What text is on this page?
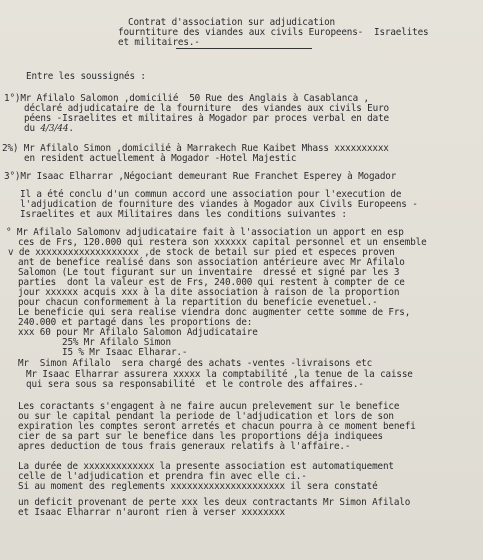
Contrat d'association sur adjudication
fourntiture des viandes aux civils Europeens-  Israelites
et militaires.-
Entre les soussignés :
1°)Mr Afilalo Salomon ,domicilié  50 Rue des Anglais à Casablanca ,
déclaré adjudicataire de la fourniture  des viandes aux civils Euro
péens -Israelites et militaires à Mogador par proces verbal en date
du 4/3/44.
2%) Mr Afilalo Simon ,domicilié à Marrakech Rue Kaibet Mhass xxxxxxxxxx
en resident actuellement à Mogador -Hotel Majestic
3°)Mr Isaac Elharrar ,Négociant demeurant Rue Franchet Esperey à Mogador
Il a été conclu d'un commun accord une association pour l'execution de
l'adjudication de fourniture des viandes à Mogador aux Civils Europeens -
Israelites et aux Militaires dans les conditions suivantes :
° Mr Afilalo Salomonv adjudicataire fait à l'association un apport en esp
ces de Frs, 120.000 qui restera son xxxxxx capital personnel et un ensemble
v de xxxxxxxxxxxxxxxxxxx ,de stock de betail sur pied et especes proven
ant de benefice realisé dans son association antérieure avec Mr Afilalo
Salomon (Le tout figurant sur un inventaire  dressé et signé par les 3
parties  dont la valeur est de Frs, 240.000 qui restent à compter de ce
jour xxxxxx acquis xxx à la dite association à raison de la proportion
pour chacun conformement à la repartition du beneficie evenetuel.-
Le beneficie qui sera realise viendra donc augmenter cette somme de Frs,
240.000 et partagé dans les proportions de:
xxx 60 pour Mr Afilalo Salomon Adjudicataire
25% Mr Afilalo Simon
I5 % Mr Isaac Elharar.-
Mr  Simon Afilalo  sera chargé des achats -ventes -livraisons etc
Mr Isaac Elharrar assurera xxxxx la comptabilité ,la tenue de la caisse
qui sera sous sa responsabilité  et le controle des affaires.-
Les coractants s'engagent à ne faire aucun prelevement sur le benefice
ou sur le capital pendant la periode de l'adjudication et lors de son
expiration les comptes seront arretés et chacun pourra à ce moment benefi
cier de sa part sur le benefice dans les proportions déja indiquees
apres deduction de tous frais generaux relatifs à l'affaire.-
La durée de xxxxxxxxxxxxx la presente association est automatiquement
celle de l'adjudication et prendra fin avec elle ci.-
Si au moment des reglements xxxxxxxxxxxxxxxxxxxxx il sera constaté
un deficit provenant de perte xxx les deux contractants Mr Simon Afilalo
et Isaac Elharrar n'auront rien à verser xxxxxxxx
